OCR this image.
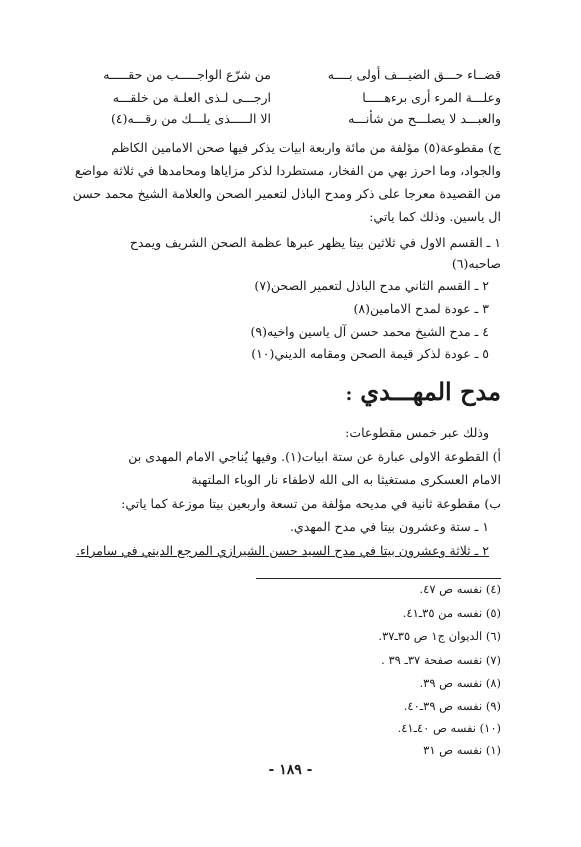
قضــاء حـــق الضيـــف أولى بــــه
من شرّع الواجـــــب من حقـــــه
وعلـــة المرء أرى برءهـــــا
ارجـــى لـذى العلـة من خلقـــه
والعبـــد لا يصلـــح من شأنـــه
الا الـــــذى يلـــك من رقـــه(٤)
ج) مقطوعة(٥) مؤلفة من مائة واربعة ابيات يذكر فيها صحن الامامين الكاظم
والجواد، وما احرز بهي من الفخار، مستطردا لذكر مزاياها ومحامدها في ثلاثة مواضع
من القصيدة معرجا على ذكر ومدح الباذل لتعمير الصحن والعلامة الشيخ محمد حسن
ال ياسين. وذلك كما ياتي:
١ ـ القسم الاول في ثلاثين بيتا يظهر عبرها عظمة الصحن الشريف ويمدح
صاحبه(٦)
٢ ـ القسم الثاني مدح الباذل لتعمير الصحن(٧)
٣ ـ عودة لمدح الامامين(٨)
٤ ـ مدح الشيخ محمد حسن آل ياسين واخيه(٩)
٥ ـ عودة لذكر قيمة الصحن ومقامه الديني(١٠)
مدح المهـــدي:
وذلك عبر خمس مقطوعات:
أ) القطوعة الاولى عبارة عن ستة ابيات(١). وفيها يُناجي الامام المهدى بن
الامام العسكرى مستغيثا به الى الله لاطفاء نار الوباء الملتهبة
ب) مقطوعة ثانية في مديحه مؤلفة من تسعة واربعين بيتا موزعة كما ياتي:
١ ـ ستة وعشرون بيتا في مدح المهدي.
٢ ـ ثلاثة وعشرون بيتا في مدح السيد حسن الشيرازي المرجع الديني في سامراء.
(٤) نفسه ص ٤٧.
(٥) نفسه من ٣٥ـ٤١.
(٦) الديوان ج١ ص ٣٥ـ٣٧.
(٧) نفسه صفحة ٣٧ـ ٣٩ .
(٨) نفسه ص ٣٩.
(٩) نفسه ص ٣٩ـ٤٠.
(١٠) نفسه ص ٤٠ـ٤١.
(١) نفسه ص ٣١
- ١٨٩ -
